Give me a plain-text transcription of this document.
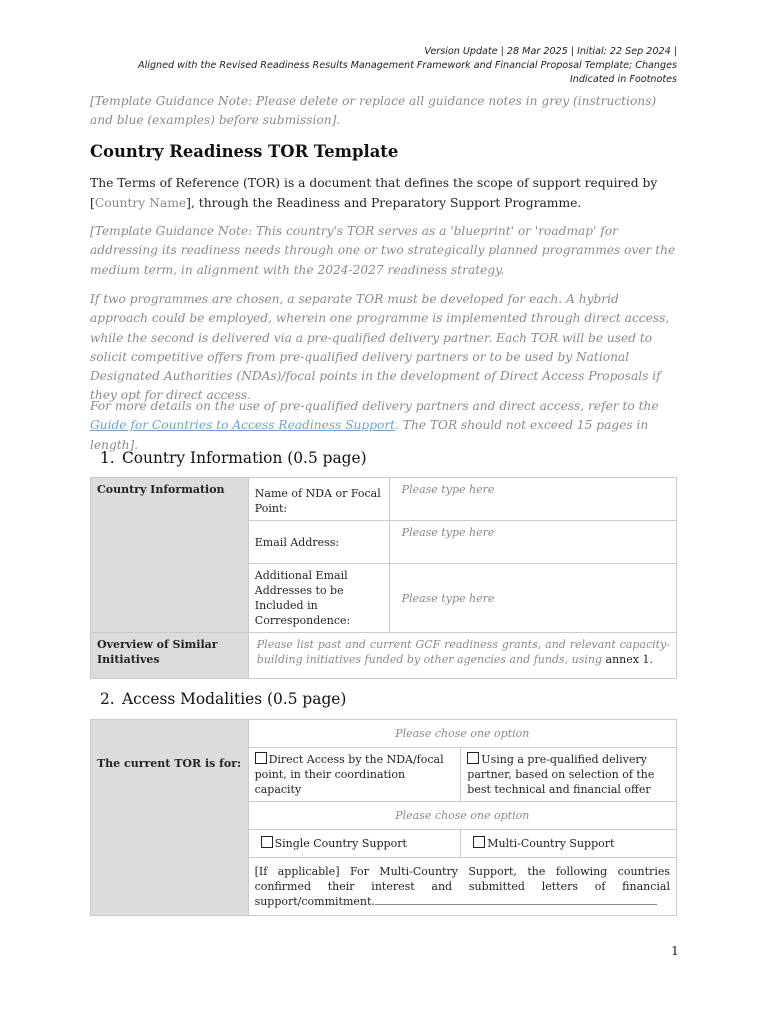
Version Update | 28 Mar 2025 | Initial: 22 Sep 2024 |
Aligned with the Revised Readiness Results Management Framework and Financial Proposal Template; Changes
Indicated in Footnotes
[Template Guidance Note: Please delete or replace all guidance notes in grey (instructions) and blue (examples) before submission].
Country Readiness TOR Template
The Terms of Reference (TOR) is a document that defines the scope of support required by [Country Name], through the Readiness and Preparatory Support Programme.
[Template Guidance Note: This country's TOR serves as a 'blueprint' or 'roadmap' for addressing its readiness needs through one or two strategically planned programmes over the medium term, in alignment with the 2024-2027 readiness strategy.
If two programmes are chosen, a separate TOR must be developed for each. A hybrid approach could be employed, wherein one programme is implemented through direct access, while the second is delivered via a pre-qualified delivery partner. Each TOR will be used to solicit competitive offers from pre-qualified delivery partners or to be used by National Designated Authorities (NDAs)/focal points in the development of Direct Access Proposals if they opt for direct access.
For more details on the use of pre-qualified delivery partners and direct access, refer to the Guide for Countries to Access Readiness Support. The TOR should not exceed 15 pages in length].
1. Country Information (0.5 page)
Country Information	Name of NDA or Focal Point:	Please type here
	Email Address:	Please type here
	Additional Email Addresses to be Included in Correspondence:	Please type here
Overview of Similar Initiatives	Please list past and current GCF readiness grants, and relevant capacity-building initiatives funded by other agencies and funds, using annex 1.	
2. Access Modalities (0.5 page)
The current TOR is for:	Please chose one option	
	Direct Access by the NDA/focal point, in their coordination capacity	Using a pre-qualified delivery partner, based on selection of the best technical and financial offer
	Please chose one option	
	Single Country Support	Multi-Country Support
	[If applicable] For Multi-Country Support, the following countries confirmed their interest and submitted letters of financial support/commitment.	
1
